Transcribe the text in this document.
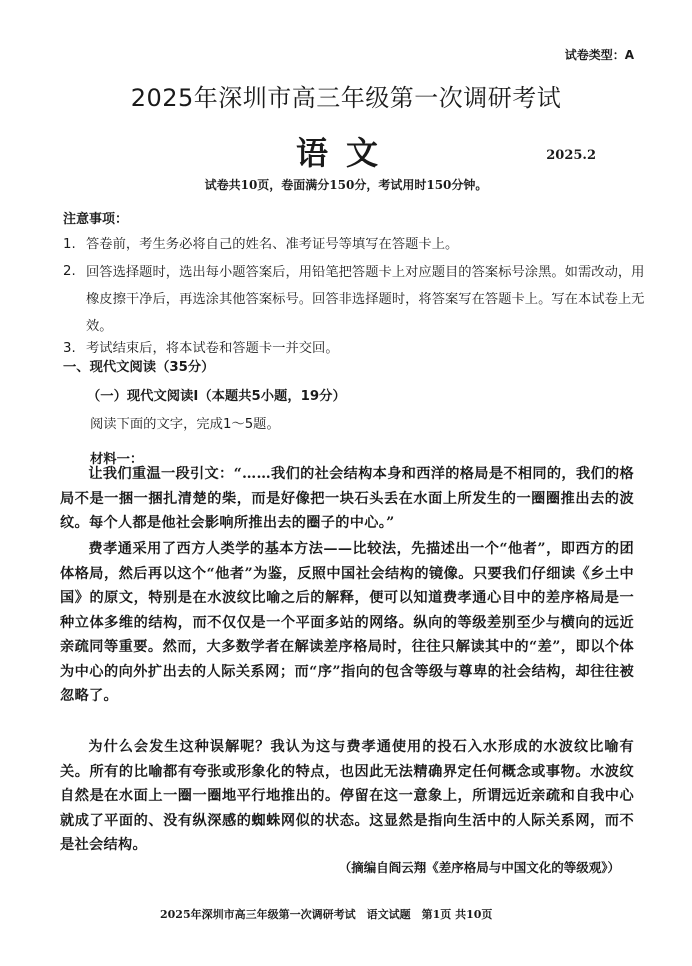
试卷类型：A
2025年深圳市高三年级第一次调研考试
语文	2025.2
试卷共10页，卷面满分150分，考试用时150分钟。
注意事项：
1. 答卷前，考生务必将自己的姓名、准考证号等填写在答题卡上。
2. 回答选择题时，选出每小题答案后，用铅笔把答题卡上对应题目的答案标号涂黑。如需改动，用橡皮擦干净后，再选涂其他答案标号。回答非选择题时，将答案写在答题卡上。写在本试卷上无效。
3. 考试结束后，将本试卷和答题卡一并交回。
一、现代文阅读（35分）
（一）现代文阅读Ⅰ（本题共5小题，19分）
阅读下面的文字，完成1～5题。
材料一：

让我们重温一段引文：“……我们的社会结构本身和西洋的格局是不相同的，我们的格局不是一捆一捆扎清楚的柴，而是好像把一块石头丢在水面上所发生的一圈圈推出去的波纹。每个人都是他社会影响所推出去的圈子的中心。”

费孝通采用了西方人类学的基本方法——比较法，先描述出一个“他者”，即西方的团体格局，然后再以这个“他者”为鉴，反照中国社会结构的镜像。只要我们仔细读《乡土中国》的原文，特别是在水波纹比喻之后的解释，便可以知道费孝通心目中的差序格局是一种立体多维的结构，而不仅仅是一个平面多站的网络。纵向的等级差别至少与横向的远近亲疏同等重要。然而，大多数学者在解读差序格局时，往往只解读其中的“差”，即以个体为中心的向外扩出去的人际关系网；而“序”指向的包含等级与尊卑的社会结构，却往往被忽略了。

为什么会发生这种误解呢？我认为这与费孝通使用的投石入水形成的水波纹比喻有关。所有的比喻都有夸张或形象化的特点，也因此无法精确界定任何概念或事物。水波纹自然是在水面上一圈一圈地平行地推出的。停留在这一意象上，所谓远近亲疏和自我中心就成了平面的、没有纵深感的蜘蛛网似的状态。这显然是指向生活中的人际关系网，而不是社会结构。

（摘编自阎云翔《差序格局与中国文化的等级观》）
2025年深圳市高三年级第一次调研考试　语文试题　第1页 共10页
